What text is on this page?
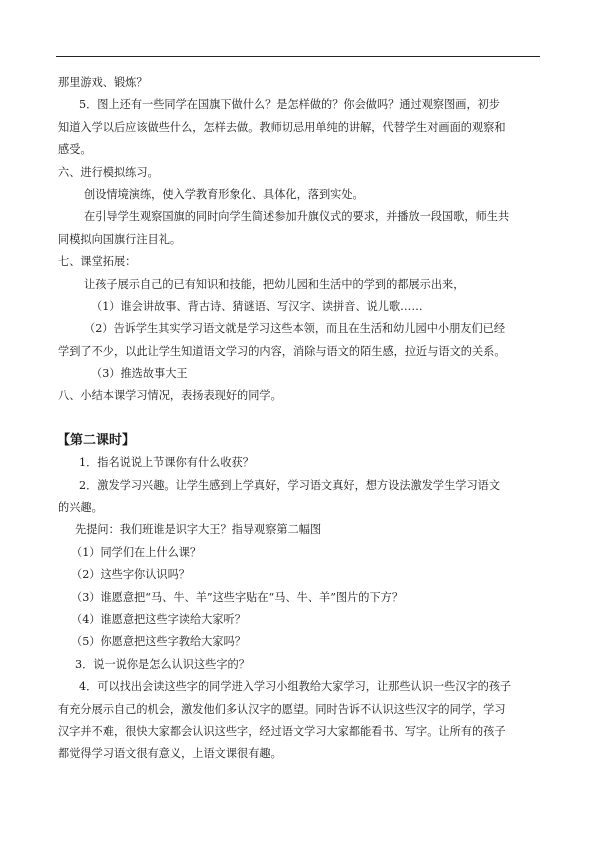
那里游戏、锻炼？

5．图上还有一些同学在国旗下做什么？是怎样做的？你会做吗？通过观察图画，初步

知道入学以后应该做些什么，怎样去做。教师切忌用单纯的讲解，代替学生对画面的观察和

感受。

六、进行模拟练习。

创设情境演练，使入学教育形象化、具体化，落到实处。

在引导学生观察国旗的同时向学生简述参加升旗仪式的要求，并播放一段国歌，师生共

同模拟向国旗行注目礼。

七、课堂拓展：

让孩子展示自己的已有知识和技能，把幼儿园和生活中的学到的都展示出来，

（1）谁会讲故事、背古诗、猜谜语、写汉字、读拼音、说儿歌……

（2）告诉学生其实学习语文就是学习这些本领，而且在生活和幼儿园中小朋友们已经

学到了不少，以此让学生知道语文学习的内容，消除与语文的陌生感，拉近与语文的关系。

（3）推选故事大王

八、小结本课学习情况，表扬表现好的同学。

【第二课时】

1．指名说说上节课你有什么收获？

2．激发学习兴趣。让学生感到上学真好，学习语文真好，想方设法激发学生学习语文

的兴趣。

先提问：我们班谁是识字大王？指导观察第二幅图

（1）同学们在上什么课？

（2）这些字你认识吗？

（3）谁愿意把“马、牛、羊”这些字贴在“马、牛、羊”图片的下方？

（4）谁愿意把这些字读给大家听？

（5）你愿意把这些字教给大家吗？

3．说一说你是怎么认识这些字的？

4．可以找出会读这些字的同学进入学习小组教给大家学习，让那些认识一些汉字的孩子

有充分展示自己的机会，激发他们多认汉字的愿望。同时告诉不认识这些汉字的同学，学习

汉字并不难，很快大家都会认识这些字，经过语文学习大家都能看书、写字。让所有的孩子

都觉得学习语文很有意义，上语文课很有趣。
